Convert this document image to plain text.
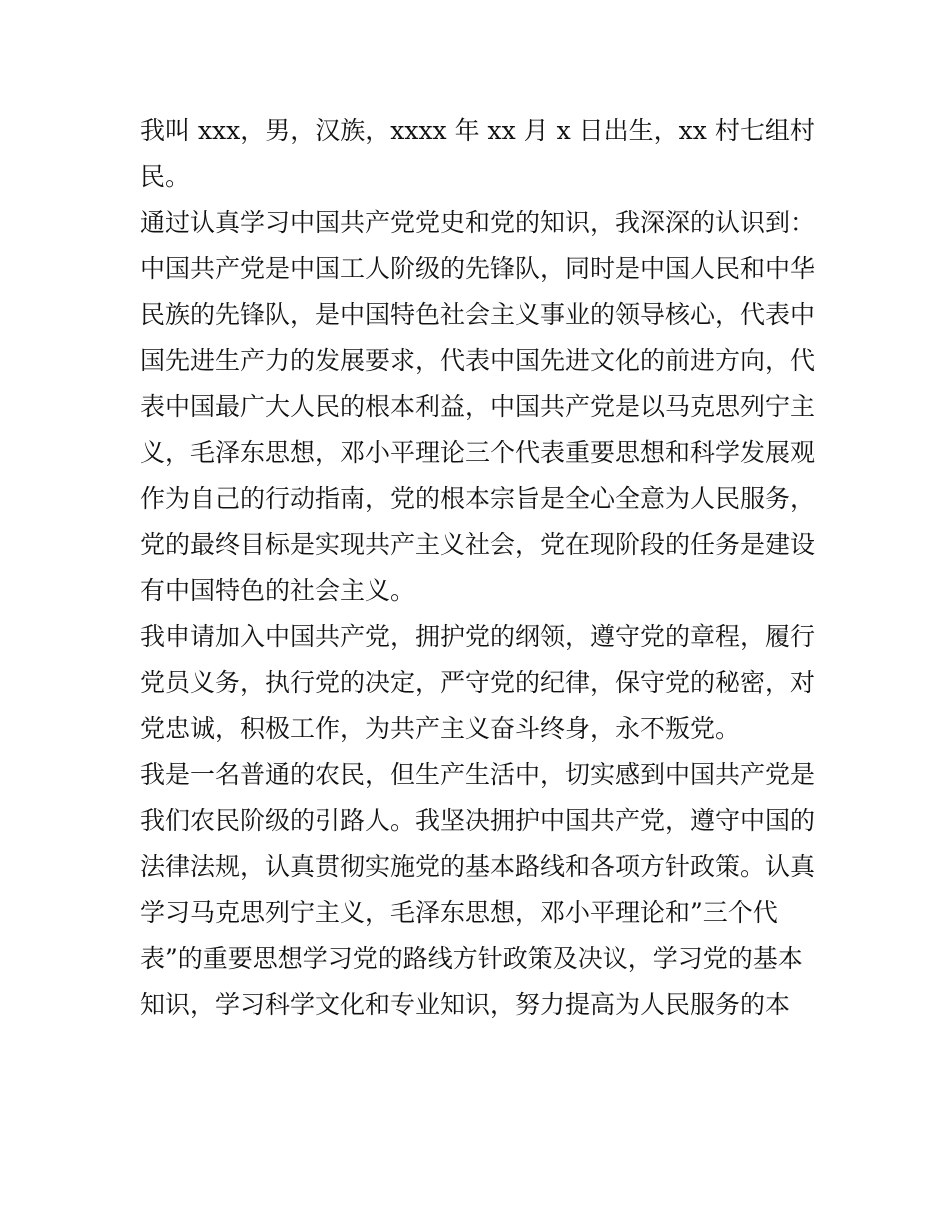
我叫 xxx，男，汉族，xxxx 年 xx 月 x 日出生，xx 村七组村
民。
通过认真学习中国共产党党史和党的知识，我深深的认识到：
中国共产党是中国工人阶级的先锋队，同时是中国人民和中华
民族的先锋队，是中国特色社会主义事业的领导核心，代表中
国先进生产力的发展要求，代表中国先进文化的前进方向，代
表中国最广大人民的根本利益，中国共产党是以马克思列宁主
义，毛泽东思想，邓小平理论三个代表重要思想和科学发展观
作为自己的行动指南，党的根本宗旨是全心全意为人民服务，
党的最终目标是实现共产主义社会，党在现阶段的任务是建设
有中国特色的社会主义。
我申请加入中国共产党，拥护党的纲领，遵守党的章程，履行
党员义务，执行党的决定，严守党的纪律，保守党的秘密，对
党忠诚，积极工作，为共产主义奋斗终身，永不叛党。
我是一名普通的农民，但生产生活中，切实感到中国共产党是
我们农民阶级的引路人。我坚决拥护中国共产党，遵守中国的
法律法规，认真贯彻实施党的基本路线和各项方针政策。认真
学习马克思列宁主义，毛泽东思想，邓小平理论和”三个代
表”的重要思想学习党的路线方针政策及决议，学习党的基本
知识，学习科学文化和专业知识，努力提高为人民服务的本
